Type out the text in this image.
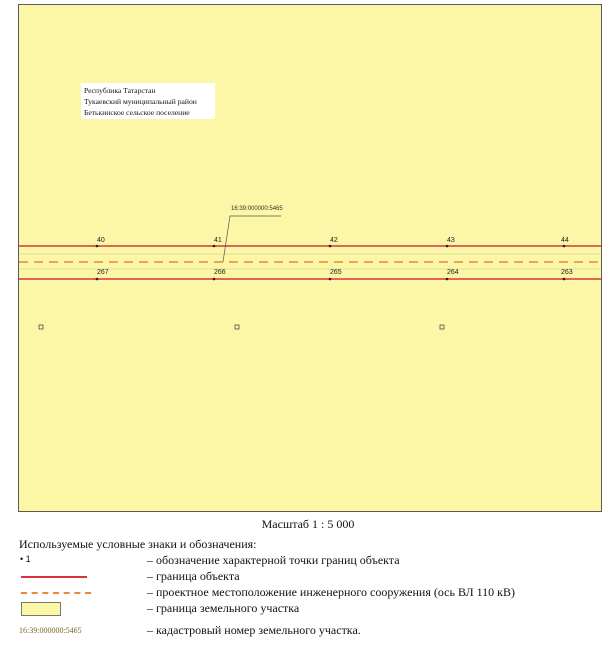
Республика Татарстан
Тукаевский муниципальный район
Бетькинское сельское поселение
16:39:000000:5465
40	41	42	43	44
267	266	265	264	263
Масштаб 1 : 5 000
Используемые условные знаки и обозначения:
• 1	– обозначение характерной точки границ объекта
– граница объекта
– проектное местоположение инженерного сооружения (ось ВЛ 110 кВ)
– граница земельного участка
16:39:000000:5465	– кадастровый номер земельного участка.
